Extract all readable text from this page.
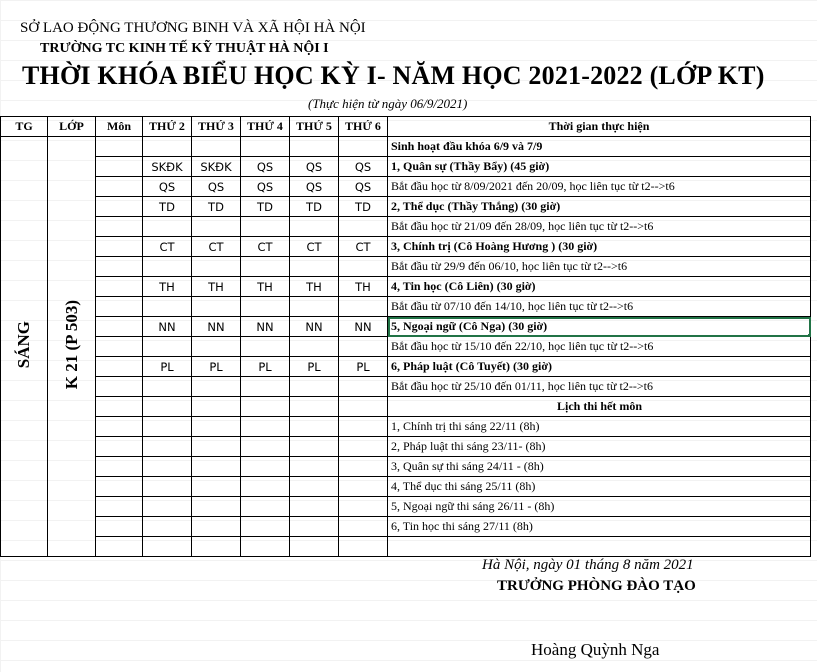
SỞ LAO ĐỘNG THƯƠNG BINH VÀ XÃ HỘI HÀ NỘI
TRƯỜNG TC KINH TẾ KỸ THUẬT HÀ NỘI I
THỜI KHÓA BIỂU HỌC KỲ I- NĂM HỌC 2021-2022 (LỚP KT)
(Thực hiện từ ngày 06/9/2021)
TG	LỚP	Môn	THỨ 2	THỨ 3	THỨ 4	THỨ 5	THỨ 6	Thời gian thực hiện
SÁNG	K 21 (P 503)							Sinh hoạt đầu khóa 6/9 và 7/9
			SKĐK	SKĐK	QS	QS	QS	1, Quân sự (Thầy Bẩy) (45 giờ)
			QS	QS	QS	QS	QS	Bắt đầu học từ 8/09/2021 đến 20/09, học liên tục từ t2-->t6
			TD	TD	TD	TD	TD	2, Thể dục (Thầy Thắng) (30 giờ)
								Bắt đầu học từ 21/09 đến 28/09, học liên tục từ t2-->t6
			CT	CT	CT	CT	CT	3, Chính trị (Cô Hoàng Hương ) (30 giờ)
								Bắt đầu từ 29/9 đến 06/10, học liên tục từ t2-->t6
			TH	TH	TH	TH	TH	4, Tin học (Cô Liên) (30 giờ)
								Bắt đầu từ 07/10 đến 14/10, học liên tục từ t2-->t6
			NN	NN	NN	NN	NN	5, Ngoại ngữ (Cô Nga) (30 giờ)

								Bắt đầu học từ 15/10 đến 22/10, học liên tục từ t2-->t6
			PL	PL	PL	PL	PL	6, Pháp luật (Cô Tuyết) (30 giờ)
								Bắt đầu học từ 25/10 đến 01/11, học liên tục từ t2-->t6
								Lịch thi hết môn
								1, Chính trị thi sáng 22/11 (8h)
								2, Pháp luật thi sáng 23/11- (8h)
								3, Quân sự thi sáng 24/11 - (8h)
								4, Thể dục thi sáng 25/11 (8h)
								5, Ngoại ngữ thi sáng 26/11 - (8h)
								6, Tin học thi sáng 27/11 (8h)

Hà Nội, ngày 01 tháng 8 năm 2021
TRƯỞNG PHÒNG ĐÀO TẠO
Hoàng Quỳnh Nga
